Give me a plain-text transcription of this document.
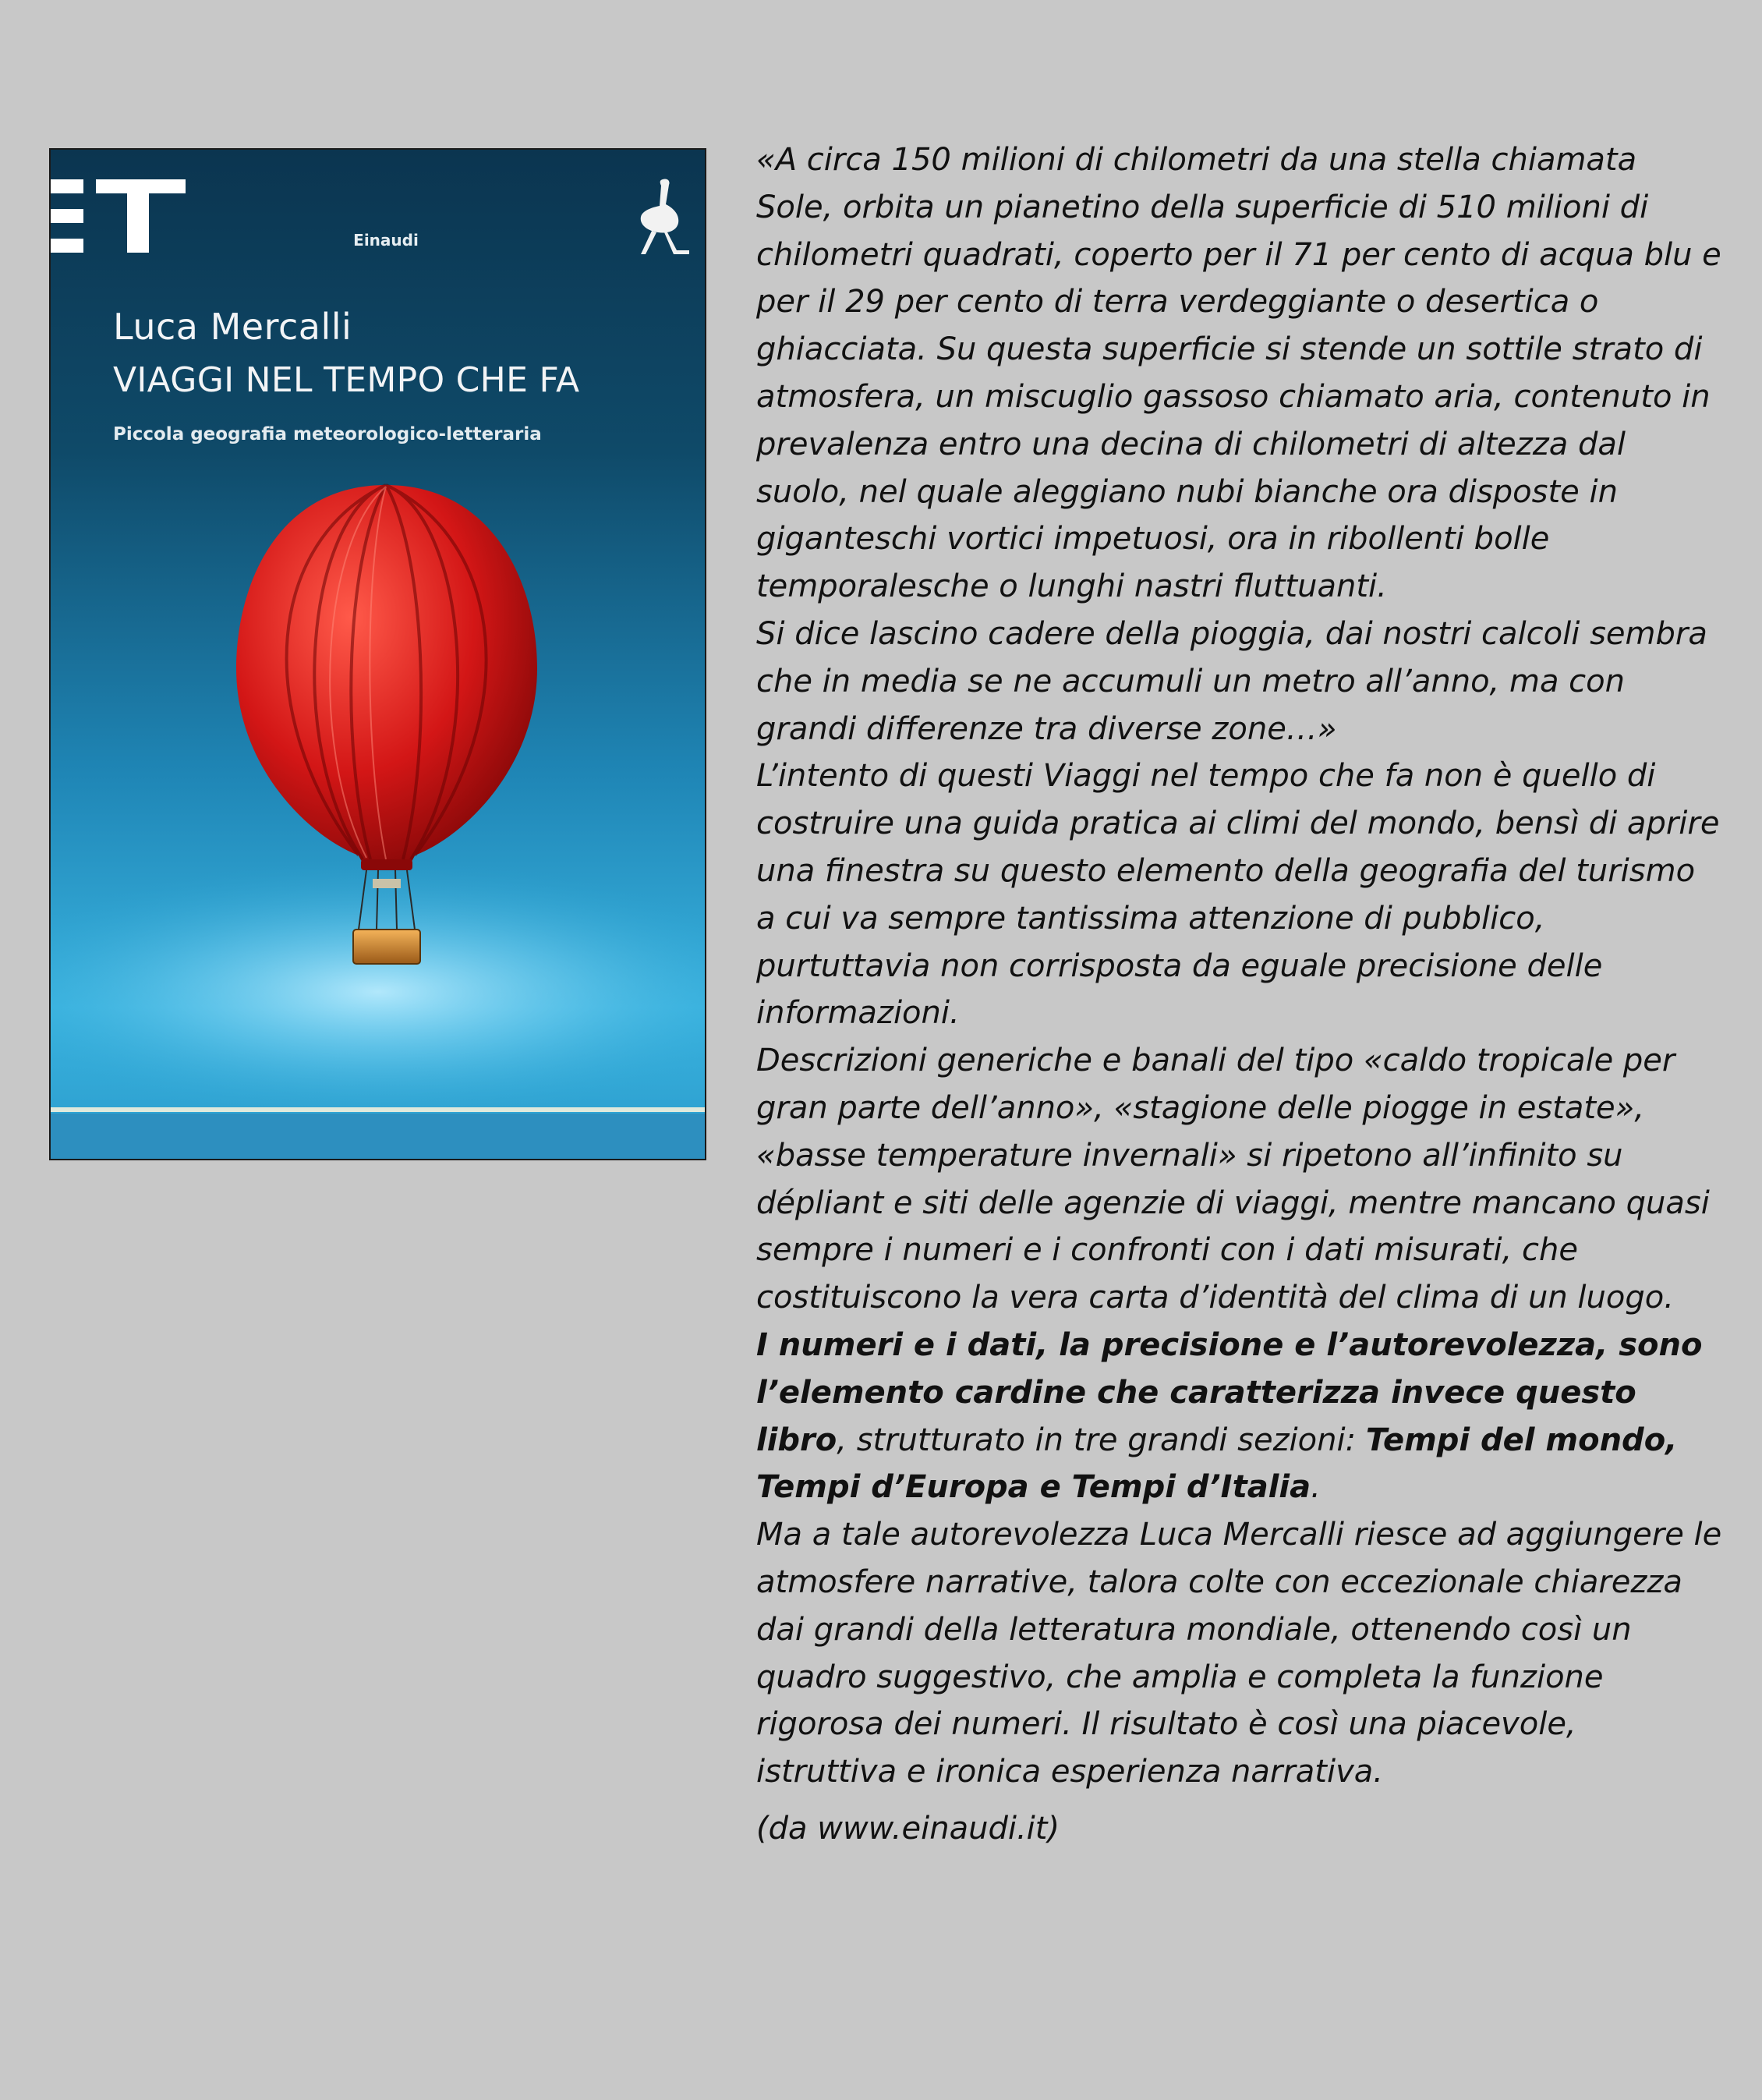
Einaudi
Luca Mercalli
VIAGGI NEL TEMPO CHE FA
Piccola geografia meteorologico-letteraria

«A circa 150 milioni di chilometri da una stella chiamata Sole, orbita un pianetino della superficie di 510 milioni di chilometri quadrati, coperto per il 71 per cento di acqua blu e per il 29 per cento di terra verdeggiante o desertica o ghiacciata. Su questa superficie si stende un sottile strato di atmosfera, un miscuglio gassoso chiamato aria, contenuto in prevalenza entro una decina di chilometri di altezza dal suolo, nel quale aleggiano nubi bianche ora disposte in giganteschi vortici impetuosi, ora in ribollenti bolle temporalesche o lunghi nastri fluttuanti.

Si dice lascino cadere della pioggia, dai nostri calcoli sembra che in media se ne accumuli un metro all’anno, ma con grandi differenze tra diverse zone…»

L’intento di questi Viaggi nel tempo che fa non è quello di costruire una guida pratica ai climi del mondo, bensì di aprire una finestra su questo elemento della geografia del turismo a cui va sempre tantissima attenzione di pubblico, purtuttavia non corrisposta da eguale precisione delle informazioni.

Descrizioni generiche e banali del tipo «caldo tropicale per gran parte dell’anno», «stagione delle piogge in estate», «basse temperature invernali» si ripetono all’infinito su dépliant e siti delle agenzie di viaggi, mentre mancano quasi sempre i numeri e i confronti con i dati misurati, che costituiscono la vera carta d’identità del clima di un luogo.

I numeri e i dati, la precisione e l’autorevolezza, sono l’elemento cardine che caratterizza invece questo libro, strutturato in tre grandi sezioni: Tempi del mondo, Tempi d’Europa e Tempi d’Italia.

Ma a tale autorevolezza Luca Mercalli riesce ad aggiungere le atmosfere narrative, talora colte con eccezionale chiarezza dai grandi della letteratura mondiale, ottenendo così un quadro suggestivo, che amplia e completa la funzione rigorosa dei numeri. Il risultato è così una piacevole, istruttiva e ironica esperienza narrativa.

(da www.einaudi.it)
